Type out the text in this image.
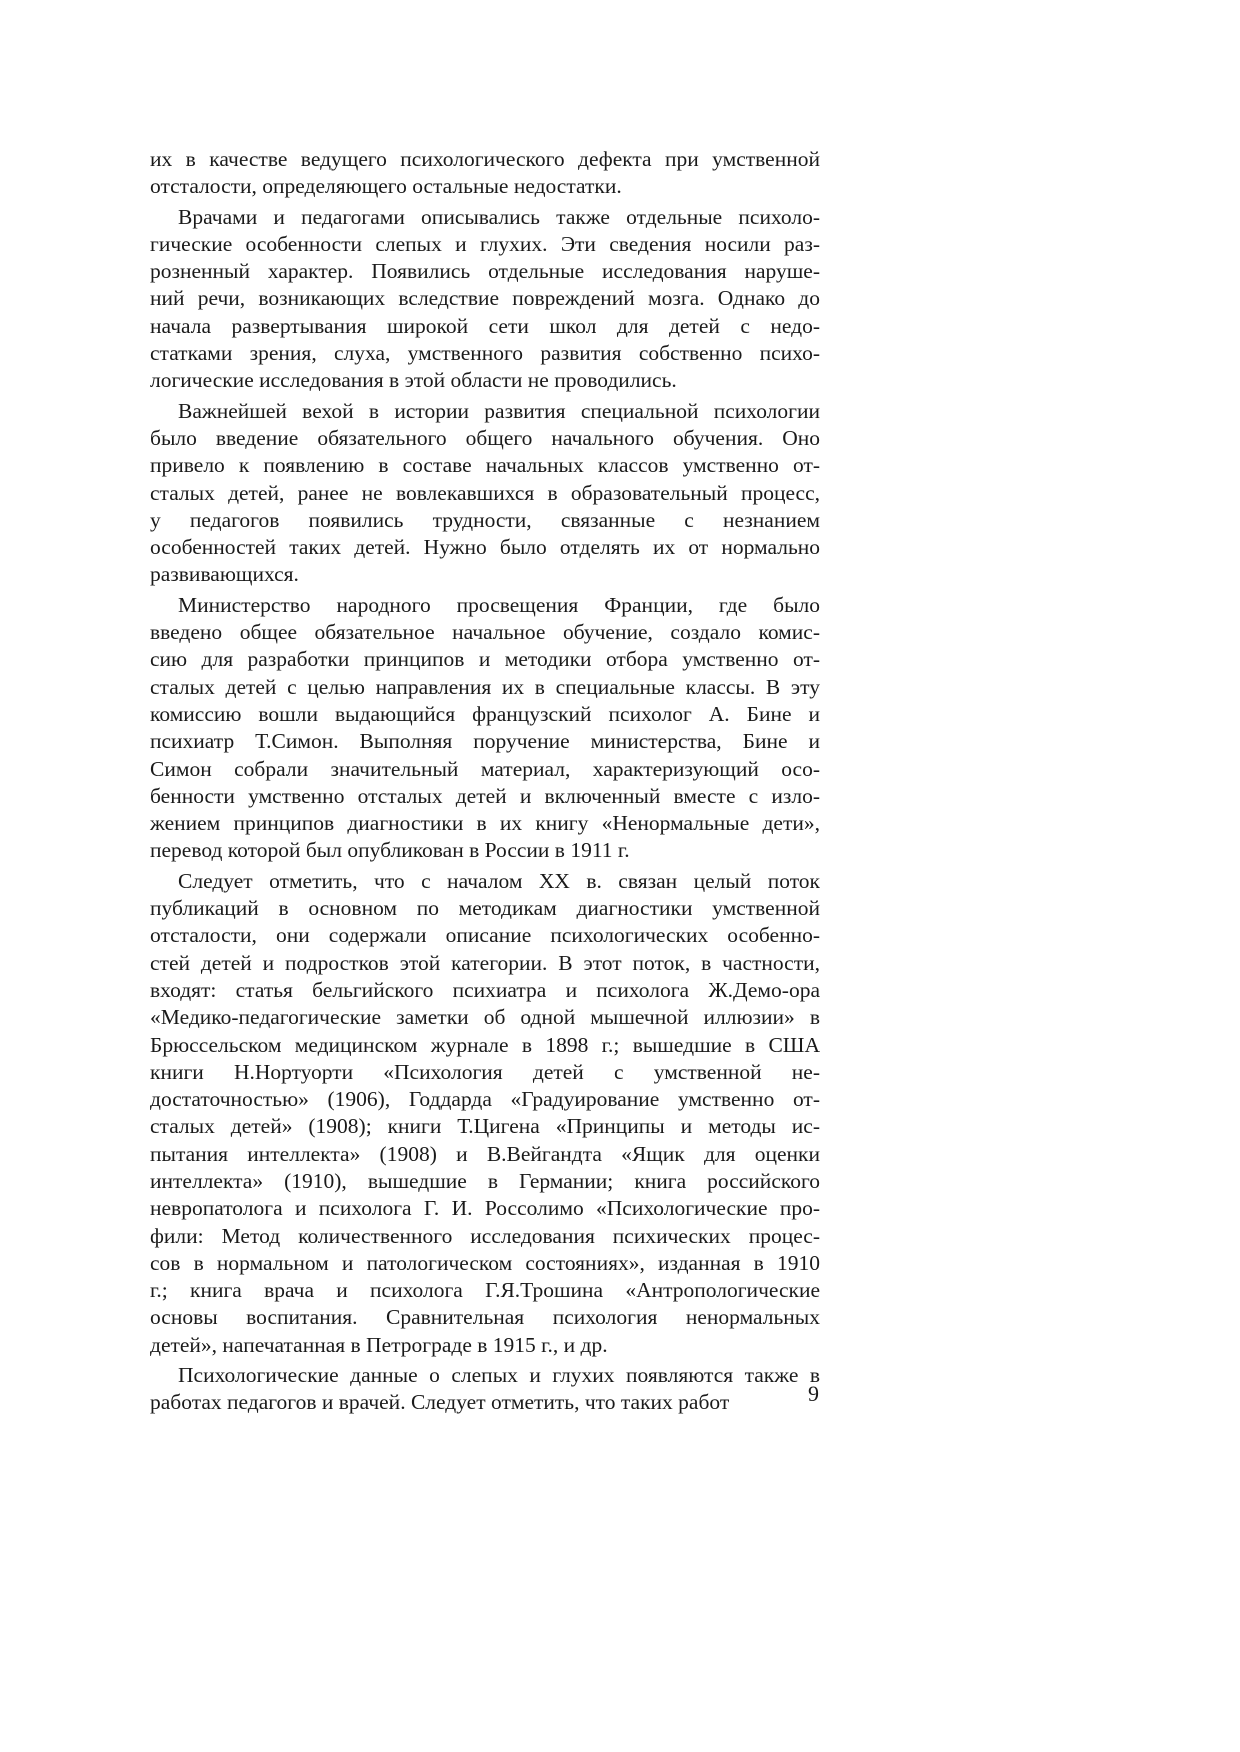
их в качестве ведущего психологического дефекта при умственной
отсталости, определяющего остальные недостатки.
Врачами и педагогами описывались также отдельные психоло-
гические особенности слепых и глухих. Эти сведения носили раз-
розненный характер. Появились отдельные исследования наруше-
ний речи, возникающих вследствие повреждений мозга. Однако до
начала развертывания широкой сети школ для детей с недо-
статками зрения, слуха, умственного развития собственно психо-
логические исследования в этой области не проводились.
Важнейшей вехой в истории развития специальной психологии
было введение обязательного общего начального обучения. Оно
привело к появлению в составе начальных классов умственно от-
сталых детей, ранее не вовлекавшихся в образовательный процесс,
у педагогов появились трудности, связанные с незнанием
особенностей таких детей. Нужно было отделять их от нормально
развивающихся.
Министерство народного просвещения Франции, где было
введено общее обязательное начальное обучение, создало комис-
сию для разработки принципов и методики отбора умственно от-
сталых детей с целью направления их в специальные классы. В эту
комиссию вошли выдающийся французский психолог А. Бине и
психиатр Т.Симон. Выполняя поручение министерства, Бине и
Симон собрали значительный материал, характеризующий осо-
бенности умственно отсталых детей и включенный вместе с изло-
жением принципов диагностики в их книгу «Ненормальные дети»,
перевод которой был опубликован в России в 1911 г.
Следует отметить, что с началом XX в. связан целый поток
публикаций в основном по методикам диагностики умственной
отсталости, они содержали описание психологических особенно-
стей детей и подростков этой категории. В этот поток, в частности,
входят: статья бельгийского психиатра и психолога Ж.Демо-ора
«Медико-педагогические заметки об одной мышечной иллюзии» в
Брюссельском медицинском журнале в 1898 г.; вышедшие в США
книги Н.Нортуорти «Психология детей с умственной не-
достаточностью» (1906), Годдарда «Градуирование умственно от-
сталых детей» (1908); книги Т.Цигена «Принципы и методы ис-
пытания интеллекта» (1908) и В.Вейгандта «Ящик для оценки
интеллекта» (1910), вышедшие в Германии; книга российского
невропатолога и психолога Г. И. Россолимо «Психологические про-
фили: Метод количественного исследования психических процес-
сов в нормальном и патологическом состояниях», изданная в 1910
г.; книга врача и психолога Г.Я.Трошина «Антропологические
основы воспитания. Сравнительная психология ненормальных
детей», напечатанная в Петрограде в 1915 г., и др.
Психологические данные о слепых и глухих появляются также в
работах педагогов и врачей. Следует отметить, что таких работ	9
